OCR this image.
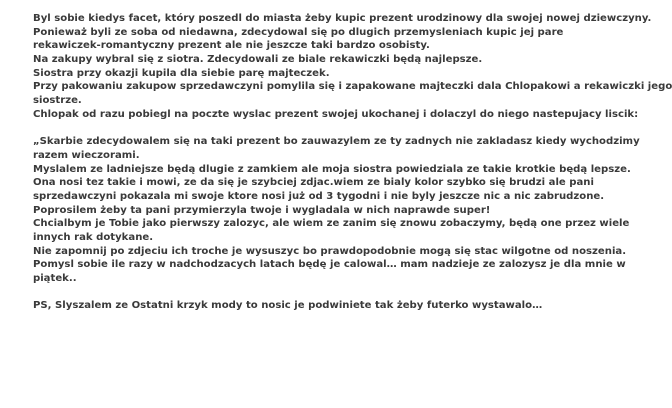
Byl sobie kiedys facet, który poszedl do miasta żeby kupic prezent urodzinowy dla swojej nowej dziewczyny.
Ponieważ byli ze soba od niedawna, zdecydowal się po dlugich przemysleniach kupic jej pare
rekawiczek-romantyczny prezent ale nie jeszcze taki bardzo osobisty.
Na zakupy wybral się z siotra. Zdecydowali ze biale rekawiczki będą najlepsze.
Siostra przy okazji kupila dla siebie parę majteczek.
Przy pakowaniu zakupow sprzedawczyni pomylila się i zapakowane majteczki dala Chlopakowi a rekawiczki jego
siostrze.
Chlopak od razu pobiegl na poczte wyslac prezent swojej ukochanej i dolaczyl do niego nastepujacy liscik:
„Skarbie zdecydowalem się na taki prezent bo zauwazylem ze ty zadnych nie zakladasz kiedy wychodzimy
razem wieczorami.
Myslalem ze ladniejsze będą dlugie z zamkiem ale moja siostra powiedziala ze takie krotkie będą lepsze.
Ona nosi tez takie i mowi, ze da się je szybciej zdjac.wiem ze bialy kolor szybko się brudzi ale pani
sprzedawczyni pokazala mi swoje ktore nosi już od 3 tygodni i nie byly jeszcze nic a nic zabrudzone.
Poprosilem żeby ta pani przymierzyla twoje i wygladala w nich naprawde super!
Chcialbym je Tobie jako pierwszy zalozyc, ale wiem ze zanim się znowu zobaczymy, będą one przez wiele
innych rak dotykane.
Nie zapomnij po zdjeciu ich troche je wysuszyc bo prawdopodobnie mogą się stac wilgotne od noszenia.
Pomysl sobie ile razy w nadchodzacych latach będę je calowal… mam nadzieje ze zalozysz je dla mnie w
piątek..
PS, Slyszalem ze Ostatni krzyk mody to nosic je podwiniete tak żeby futerko wystawalo…
